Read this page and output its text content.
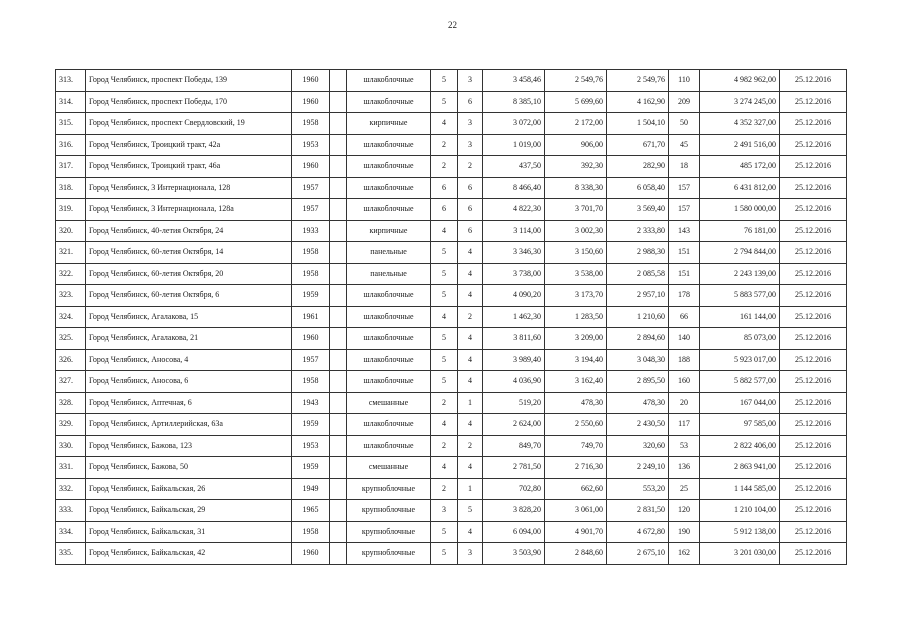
22
313.	Город Челябинск, проспект Победы, 139	1960		шлакоблочные	5	3	3 458,46	2 549,76	2 549,76	110	4 982 962,00	25.12.2016
314.	Город Челябинск, проспект Победы, 170	1960		шлакоблочные	5	6	8 385,10	5 699,60	4 162,90	209	3 274 245,00	25.12.2016
315.	Город Челябинск, проспект Свердловский, 19	1958		кирпичные	4	3	3 072,00	2 172,00	1 504,10	50	4 352 327,00	25.12.2016
316.	Город Челябинск, Троицкий тракт, 42а	1953		шлакоблочные	2	3	1 019,00	906,00	671,70	45	2 491 516,00	25.12.2016
317.	Город Челябинск, Троицкий тракт, 46а	1960		шлакоблочные	2	2	437,50	392,30	282,90	18	485 172,00	25.12.2016
318.	Город Челябинск, 3 Интернационала, 128	1957		шлакоблочные	6	6	8 466,40	8 338,30	6 058,40	157	6 431 812,00	25.12.2016
319.	Город Челябинск, 3 Интернационала, 128а	1957		шлакоблочные	6	6	4 822,30	3 701,70	3 569,40	157	1 580 000,00	25.12.2016
320.	Город Челябинск, 40-летия Октября, 24	1933		кирпичные	4	6	3 114,00	3 002,30	2 333,80	143	76 181,00	25.12.2016
321.	Город Челябинск, 60-летия Октября, 14	1958		панельные	5	4	3 346,30	3 150,60	2 988,30	151	2 794 844,00	25.12.2016
322.	Город Челябинск, 60-летия Октября, 20	1958		панельные	5	4	3 738,00	3 538,00	2 085,58	151	2 243 139,00	25.12.2016
323.	Город Челябинск, 60-летия Октября, 6	1959		шлакоблочные	5	4	4 090,20	3 173,70	2 957,10	178	5 883 577,00	25.12.2016
324.	Город Челябинск, Агалакова, 15	1961		шлакоблочные	4	2	1 462,30	1 283,50	1 210,60	66	161 144,00	25.12.2016
325.	Город Челябинск, Агалакова, 21	1960		шлакоблочные	5	4	3 811,60	3 209,00	2 894,60	140	85 073,00	25.12.2016
326.	Город Челябинск, Аносова, 4	1957		шлакоблочные	5	4	3 989,40	3 194,40	3 048,30	188	5 923 017,00	25.12.2016
327.	Город Челябинск, Аносова, 6	1958		шлакоблочные	5	4	4 036,90	3 162,40	2 895,50	160	5 882 577,00	25.12.2016
328.	Город Челябинск, Аптечная, 6	1943		смешанные	2	1	519,20	478,30	478,30	20	167 044,00	25.12.2016
329.	Город Челябинск, Артиллерийская, 63а	1959		шлакоблочные	4	4	2 624,00	2 550,60	2 430,50	117	97 585,00	25.12.2016
330.	Город Челябинск, Бажова, 123	1953		шлакоблочные	2	2	849,70	749,70	320,60	53	2 822 406,00	25.12.2016
331.	Город Челябинск, Бажова, 50	1959		смешанные	4	4	2 781,50	2 716,30	2 249,10	136	2 863 941,00	25.12.2016
332.	Город Челябинск, Байкальская, 26	1949		крупноблочные	2	1	702,80	662,60	553,20	25	1 144 585,00	25.12.2016
333.	Город Челябинск, Байкальская, 29	1965		крупноблочные	3	5	3 828,20	3 061,00	2 831,50	120	1 210 104,00	25.12.2016
334.	Город Челябинск, Байкальская, 31	1958		крупноблочные	5	4	6 094,00	4 901,70	4 672,80	190	5 912 138,00	25.12.2016
335.	Город Челябинск, Байкальская, 42	1960		крупноблочные	5	3	3 503,90	2 848,60	2 675,10	162	3 201 030,00	25.12.2016
